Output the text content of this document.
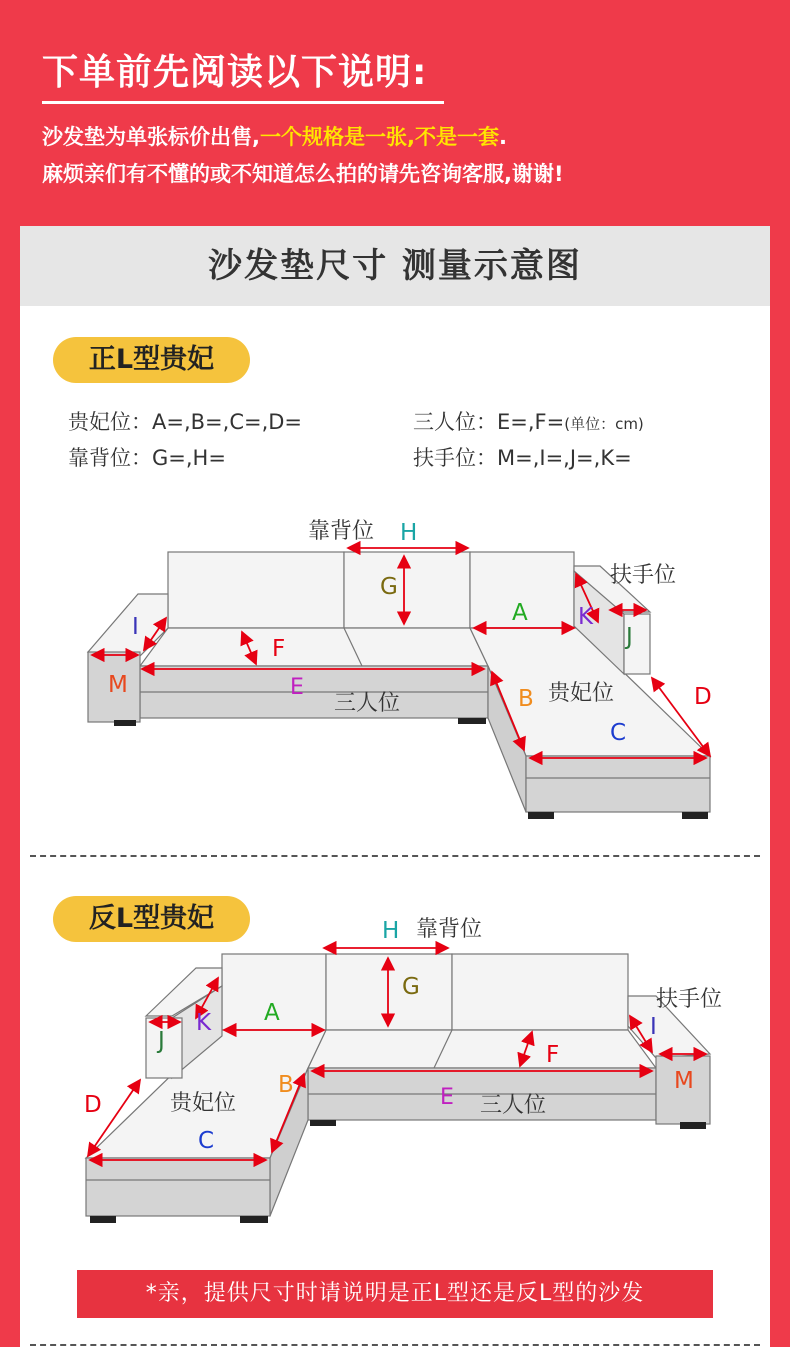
下单前先阅读以下说明:
沙发垫为单张标价出售,一个规格是一张,不是一套.
麻烦亲们有不懂的或不知道怎么拍的请先咨询客服,谢谢!
沙发垫尺寸 测量示意图
正L型贵妃
贵妃位：A=,B=,C=,D=	三人位：E=,F=(单位：cm)
靠背位：G=,H=	扶手位：M=,I=,J=,K=
靠背位
扶手位
三人位	贵妃位
H
G
A
F
E
M
I	K
J
B
C
D
靠背位
扶手位
三人位
贵妃位
H
G
A
F
E
M
I
K
J
B
C
D
反L型贵妃
*亲，提供尺寸时请说明是正L型还是反L型的沙发
